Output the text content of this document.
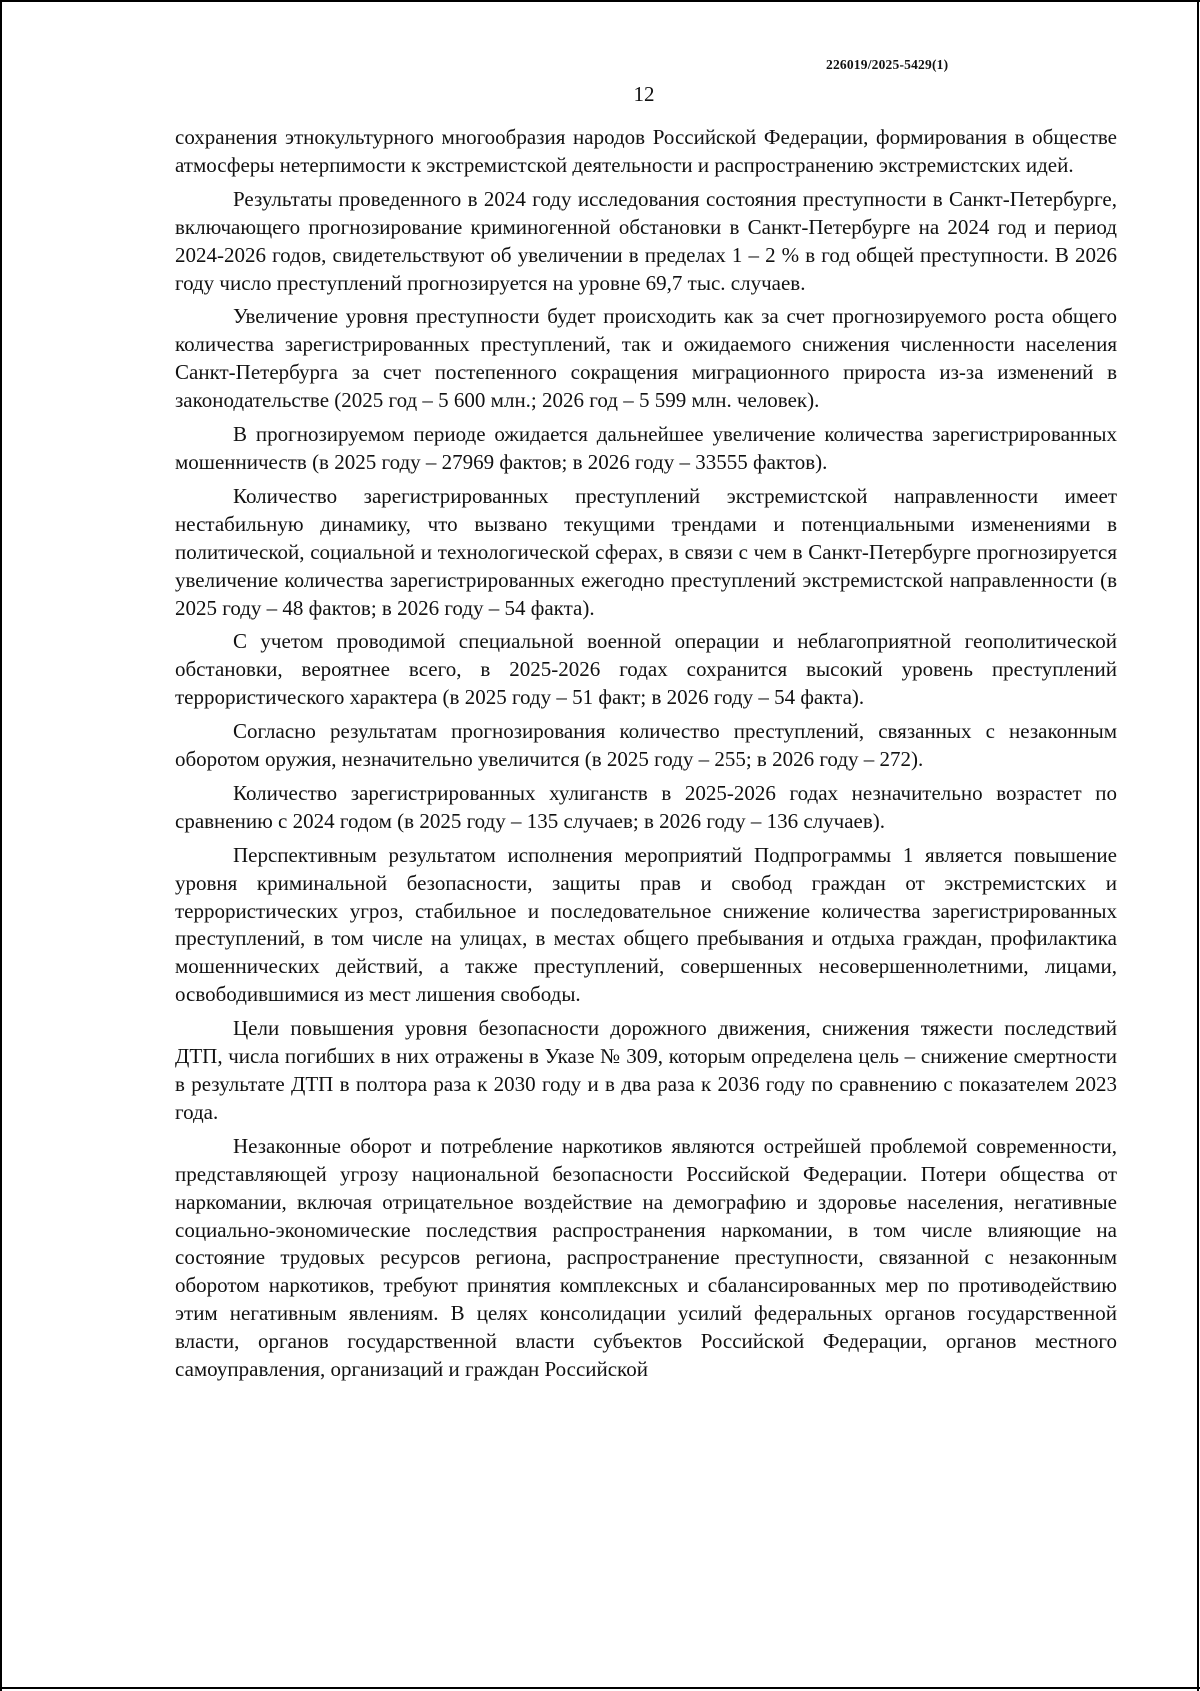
226019/2025-5429(1)
12

сохранения этнокультурного многообразия народов Российской Федерации, формирования в обществе атмосферы нетерпимости к экстремистской деятельности и распространению экстремистских идей.

Результаты проведенного в 2024 году исследования состояния преступности в Санкт-Петербурге, включающего прогнозирование криминогенной обстановки в Санкт-Петербурге на 2024 год и период 2024-2026 годов, свидетельствуют об увеличении в пределах 1 – 2 % в год общей преступности. В 2026 году число преступлений прогнозируется на уровне 69,7 тыс. случаев.

Увеличение уровня преступности будет происходить как за счет прогнозируемого роста общего количества зарегистрированных преступлений, так и ожидаемого снижения численности населения Санкт-Петербурга за счет постепенного сокращения миграционного прироста из-за изменений в законодательстве (2025 год – 5 600 млн.; 2026 год – 5 599 млн. человек).

В прогнозируемом периоде ожидается дальнейшее увеличение количества зарегистрированных мошенничеств (в 2025 году – 27969 фактов; в 2026 году – 33555 фактов).

Количество зарегистрированных преступлений экстремистской направленности имеет нестабильную динамику, что вызвано текущими трендами и потенциальными изменениями в политической, социальной и технологической сферах, в связи с чем в Санкт-Петербурге прогнозируется увеличение количества зарегистрированных ежегодно преступлений экстремистской направленности (в 2025 году – 48 фактов; в 2026 году – 54 факта).

С учетом проводимой специальной военной операции и неблагоприятной геополитической обстановки, вероятнее всего, в 2025-2026 годах сохранится высокий уровень преступлений террористического характера (в 2025 году – 51 факт; в 2026 году – 54 факта).

Согласно результатам прогнозирования количество преступлений, связанных с незаконным оборотом оружия, незначительно увеличится (в 2025 году – 255; в 2026 году – 272).

Количество зарегистрированных хулиганств в 2025-2026 годах незначительно возрастет по сравнению с 2024 годом (в 2025 году – 135 случаев; в 2026 году – 136 случаев).

Перспективным результатом исполнения мероприятий Подпрограммы 1 является повышение уровня криминальной безопасности, защиты прав и свобод граждан от экстремистских и террористических угроз, стабильное и последовательное снижение количества зарегистрированных преступлений, в том числе на улицах, в местах общего пребывания и отдыха граждан, профилактика мошеннических действий, а также преступлений, совершенных несовершеннолетними, лицами, освободившимися из мест лишения свободы.

Цели повышения уровня безопасности дорожного движения, снижения тяжести последствий ДТП, числа погибших в них отражены в Указе № 309, которым определена цель – снижение смертности в результате ДТП в полтора раза к 2030 году и в два раза к 2036 году по сравнению с показателем 2023 года.

Незаконные оборот и потребление наркотиков являются острейшей проблемой современности, представляющей угрозу национальной безопасности Российской Федерации. Потери общества от наркомании, включая отрицательное воздействие на демографию и здоровье населения, негативные социально-экономические последствия распространения наркомании, в том числе влияющие на состояние трудовых ресурсов региона, распространение преступности, связанной с незаконным оборотом наркотиков, требуют принятия комплексных и сбалансированных мер по противодействию этим негативным явлениям. В целях консолидации усилий федеральных органов государственной власти, органов государственной власти субъектов Российской Федерации, органов местного самоуправления, организаций и граждан Российской
